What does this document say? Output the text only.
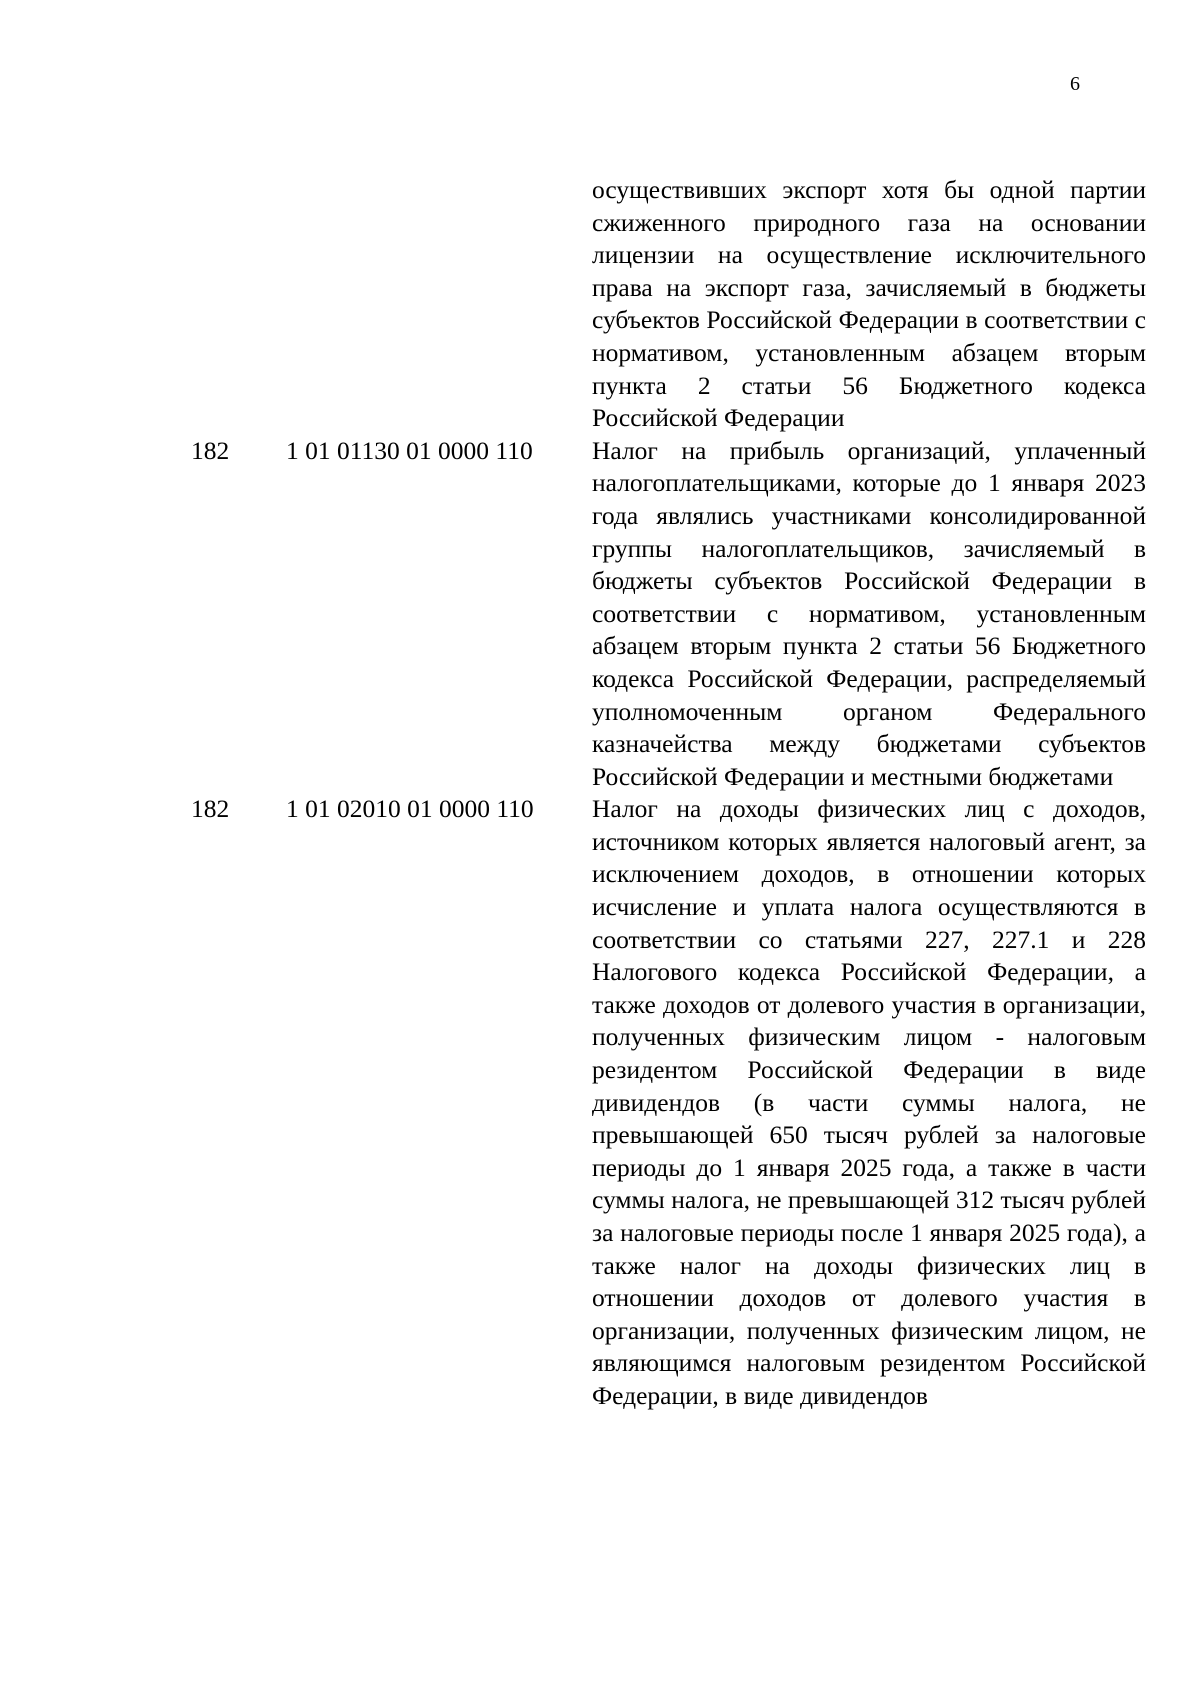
6
осуществивших экспорт хотя бы одной партии сжиженного природного газа на основании лицензии на осуществление исключительного права на экспорт газа, зачисляемый в бюджеты субъектов Российской Федерации в соответствии с нормативом, установленным абзацем вторым пункта 2 статьи 56 Бюджетного кодекса Российской Федерации
182 1 01 01130 01 0000 110 Налог на прибыль организаций, уплаченный налогоплательщиками, которые до 1 января 2023 года являлись участниками консолидированной группы налогоплательщиков, зачисляемый в бюджеты субъектов Российской Федерации в соответствии с нормативом, установленным абзацем вторым пункта 2 статьи 56 Бюджетного кодекса Российской Федерации, распределяемый уполномоченным органом Федерального казначейства между бюджетами субъектов Российской Федерации и местными бюджетами
182 1 01 02010 01 0000 110 Налог на доходы физических лиц с доходов, источником которых является налоговый агент, за исключением доходов, в отношении которых исчисление и уплата налога осуществляются в соответствии со статьями 227, 227.1 и 228 Налогового кодекса Российской Федерации, а также доходов от долевого участия в организации, полученных физическим лицом - налоговым резидентом Российской Федерации в виде дивидендов (в части суммы налога, не превышающей 650 тысяч рублей за налоговые периоды до 1 января 2025 года, а также в части суммы налога, не превышающей 312 тысяч рублей за налоговые периоды после 1 января 2025 года), а также налог на доходы физических лиц в отношении доходов от долевого участия в организации, полученных физическим лицом, не являющимся налоговым резидентом Российской Федерации, в виде дивидендов
